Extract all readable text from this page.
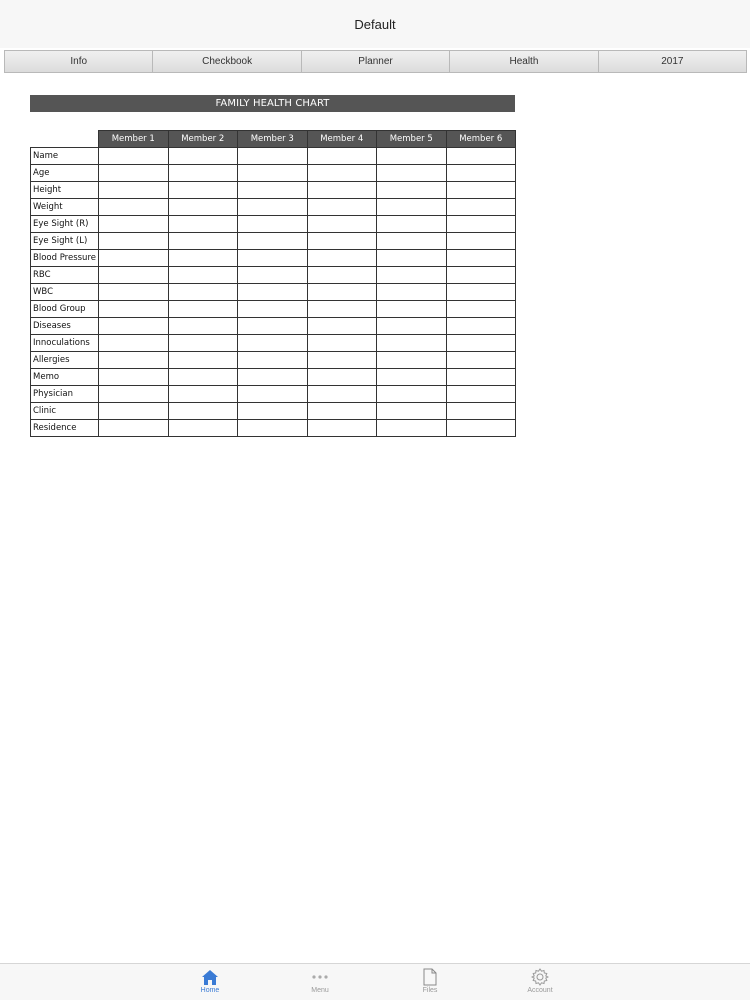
Default
Info	Checkbook	Planner	Health	2017
FAMILY HEALTH CHART
	Member 1	Member 2	Member 3	Member 4	Member 5	Member 6
Name						
Age						
Height						
Weight						
Eye Sight (R)						
Eye Sight (L)						
Blood Pressure						
RBC						
WBC						
Blood Group						
Diseases						
Innoculations						
Allergies						
Memo						
Physician						
Clinic						
Residence						
Home	Menu	Files	Account
